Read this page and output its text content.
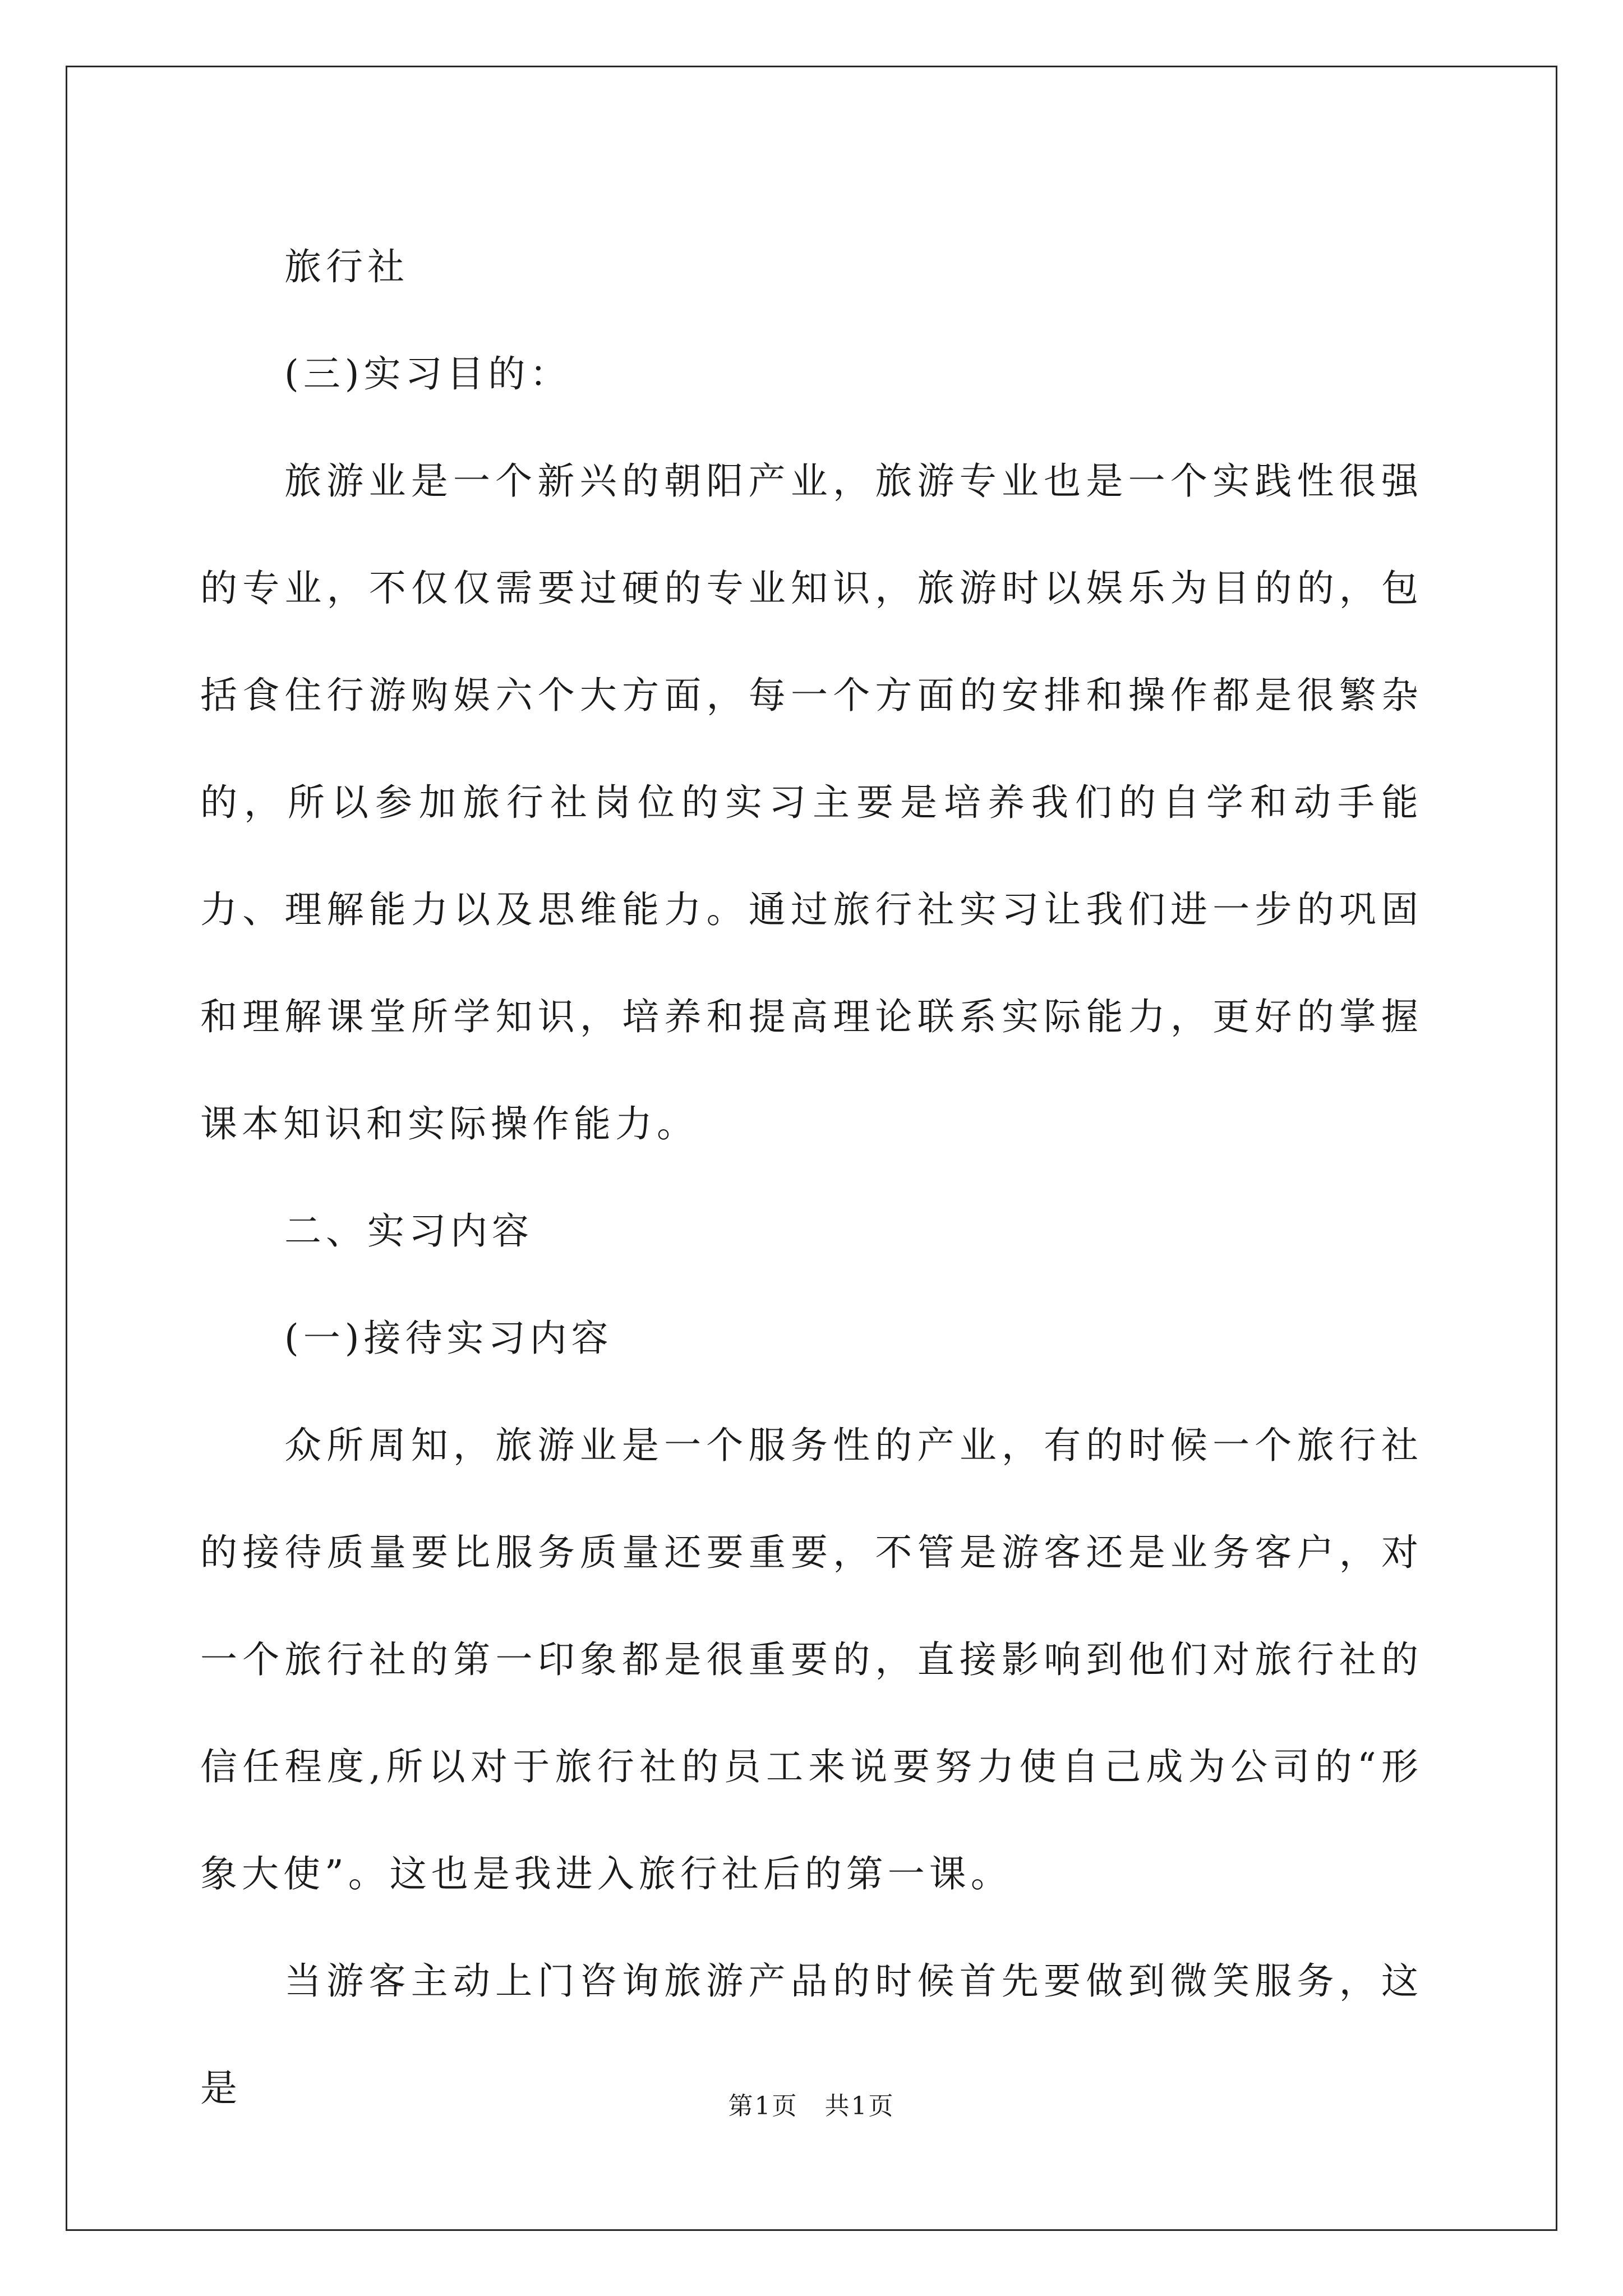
旅行社

(三)实习目的：

旅游业是一个新兴的朝阳产业，旅游专业也是一个实践性很强的专业，不仅仅需要过硬的专业知识，旅游时以娱乐为目的的，包括食住行游购娱六个大方面，每一个方面的安排和操作都是很繁杂的，所以参加旅行社岗位的实习主要是培养我们的自学和动手能力、理解能力以及思维能力。通过旅行社实习让我们进一步的巩固和理解课堂所学知识，培养和提高理论联系实际能力，更好的掌握课本知识和实际操作能力。

二、实习内容

(一)接待实习内容

众所周知，旅游业是一个服务性的产业，有的时候一个旅行社的接待质量要比服务质量还要重要，不管是游客还是业务客户，对一个旅行社的第一印象都是很重要的，直接影响到他们对旅行社的信任程度,所以对于旅行社的员工来说要努力使自己成为公司的“形象大使”。这也是我进入旅行社后的第一课。

当游客主动上门咨询旅游产品的时候首先要做到微笑服务，这是	第1页　共1页
